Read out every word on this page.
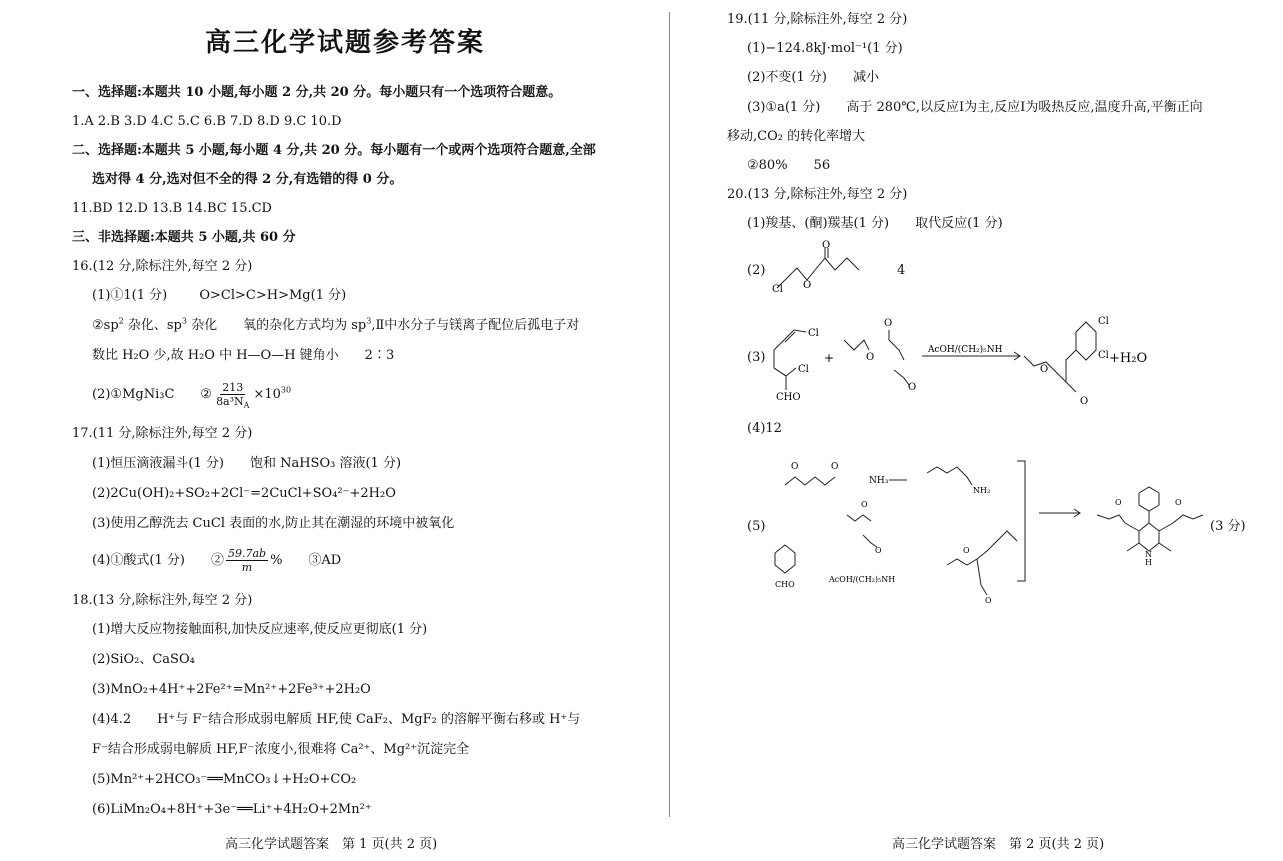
高三化学试题参考答案
一、选择题:本题共 10 小题,每小题 2 分,共 20 分。每小题只有一个选项符合题意。
1.A 2.B 3.D 4.C 5.C 6.B 7.D 8.D 9.C 10.D
二、选择题:本题共 5 小题,每小题 4 分,共 20 分。每小题有一个或两个选项符合题意,全部
选对得 4 分,选对但不全的得 2 分,有选错的得 0 分。
11.BD 12.D 13.B 14.BC 15.CD
三、非选择题:本题共 5 小题,共 60 分
16.(12 分,除标注外,每空 2 分)
(1)①1(1 分) O>Cl>C>H>Mg(1 分)
$②sp^2$ 杂化、$sp^3$ 杂化　　氧的杂化方式均为 $sp^3,Ⅱ$中水分子与镁离子配位后孤电子对
数比 H₂O 少,故 H₂O 中 H—O—H 键角小　　2∶3
(2)①MgNi₃C　　② $\frac{213}{8a^3N_A} \times 10^{30}$
17.(11 分,除标注外,每空 2 分)
(1)恒压滴液漏斗(1 分)　　饱和 NaHSO₃ 溶液(1 分)
(2)2Cu(OH)₂+SO₂+2Cl⁻=2CuCl+SO₄²⁻+2H₂O
(3)使用乙醇洗去 CuCl 表面的水,防止其在潮湿的环境中被氧化
(4)①酸式(1 分)　　② $\frac{59.7ab}{m}$ %　　③AD
18.(13 分,除标注外,每空 2 分)
(1)增大反应物接触面积,加快反应速率,使反应更彻底(1 分)
(2)SiO₂、CaSO₄
(3)MnO₂+4H⁺+2Fe²⁺=Mn²⁺+2Fe³⁺+2H₂O
(4)4.2　　H⁺与 F⁻结合形成弱电解质 HF,使 CaF₂、MgF₂ 的溶解平衡右移或 H⁺与
F⁻结合形成弱电解质 HF,F⁻浓度小,很难将 Ca²⁺、Mg²⁺沉淀完全
(5)Mn²⁺+2HCO₃⁻══MnCO₃↓+H₂O+CO₂
(6)LiMn₂O₄+8H⁺+3e⁻══Li⁺+4H₂O+2Mn²⁺
高三化学试题答案　第 1 页(共 2 页)
19.(11 分,除标注外,每空 2 分)
(1)−124.8kJ·mol⁻¹(1 分)
(2)不变(1 分)　　减小
(3)①a(1 分)　　高于 280℃,以反应Ⅰ为主,反应Ⅰ为吸热反应,温度升高,平衡正向
移动,CO₂ 的转化率增大
②80%　　56
20.(13 分,除标注外,每空 2 分)
(1)羧基、(酮)羰基(1 分)　　取代反应(1 分)
(2)
Cl O
O
4
(3)
Cl
Cl
CHO
+	O
O
O
AcOH/(CH₂)₅NH
O
Cl
Cl
O
+H₂O
(4)12
(5)
O	O
NH₃
NH₂
CHO
O
O
AcOH/(CH₂)₅NH
O
O
O	O
N
H
(3 分)
高三化学试题答案　第 2 页(共 2 页)
